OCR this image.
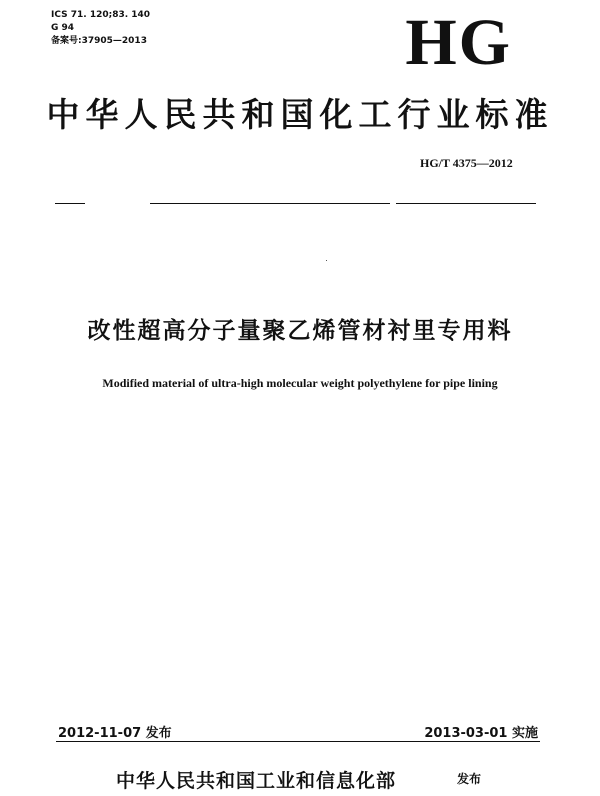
ICS 71. 120;83. 140
G 94
备案号:37905—2013	HG
中华人民共和国化工行业标准
HG/T 4375—2012
改性超高分子量聚乙烯管材衬里专用料
Modified material of ultra-high molecular weight polyethylene for pipe lining
2012-11-07 发布	2013-03-01 实施
中华人民共和国工业和信息化部	发布
